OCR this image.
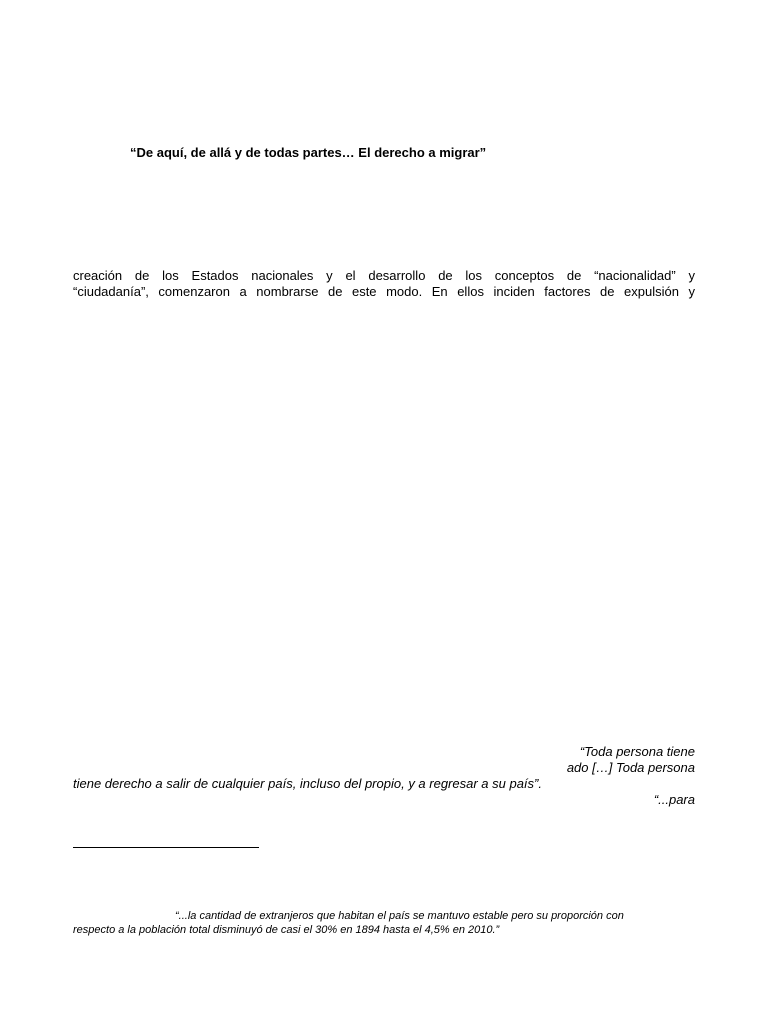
“De aquí, de allá y de todas partes… El derecho a migrar”
creación de los Estados nacionales y el desarrollo de los conceptos de “nacionalidad” y
“ciudadanía”, comenzaron a nombrarse de este modo. En ellos inciden factores de expulsión y
“Toda persona tiene
ado […] Toda persona
tiene derecho a salir de cualquier país, incluso del propio, y a regresar a su país”.
“...para
“...la cantidad de extranjeros que habitan el país se mantuvo estable pero su proporción con
respecto a la población total disminuyó de casi el 30% en 1894 hasta el 4,5% en 2010.”
